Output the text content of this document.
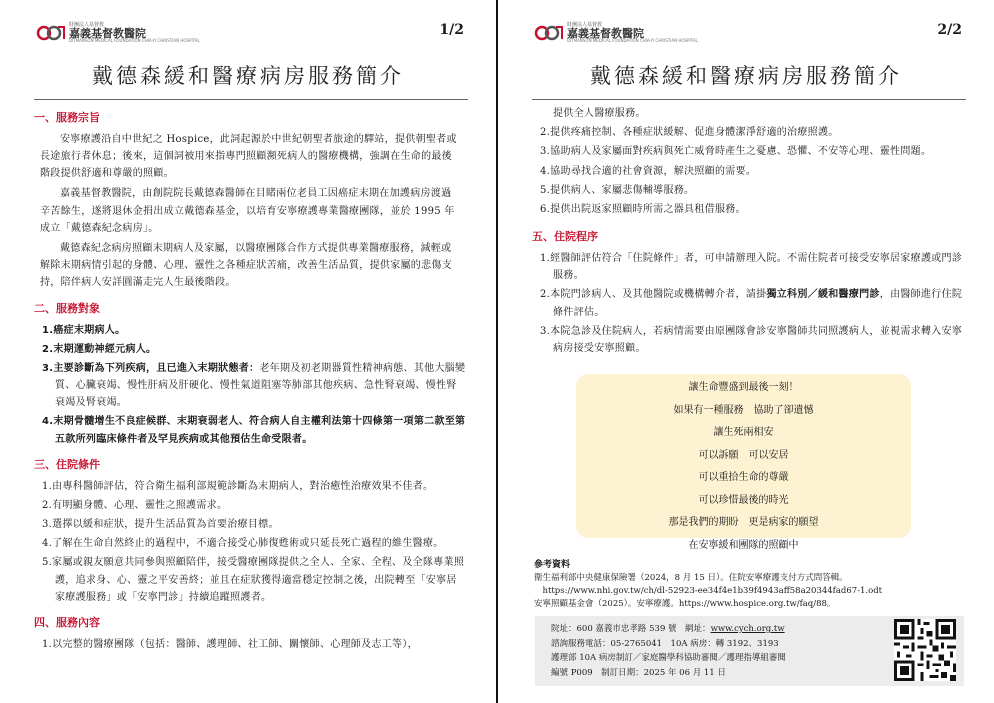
財團法人基督教
嘉義基督教醫院
DITMANSON MEDICAL FOUNDATION CHIA-YI CHRISTIAN HOSPITAL
1/2
戴德森緩和醫療病房服務簡介
一、服務宗旨
安寧療護沿自中世紀之 Hospice，此詞起源於中世紀朝聖者旅途的驛站，提供朝聖者或長途旅行者休息；後來，這個詞被用來指專門照顧瀕死病人的醫療機構，強調在生命的最後階段提供舒適和尊嚴的照顧。
嘉義基督教醫院，由創院院長戴德森醫師在目睹兩位老員工因癌症末期在加護病房渡過辛苦餘生，遂將退休金捐出成立戴德森基金，以培育安寧療護專業醫療團隊，並於 1995 年成立「戴德森紀念病房」。
戴德森紀念病房照顧末期病人及家屬，以醫療團隊合作方式提供專業醫療服務，減輕或解除末期病情引起的身體、心理、靈性之各種症狀苦痛，改善生活品質，提供家屬的悲傷支持，陪伴病人安詳圓滿走完人生最後階段。
二、服務對象
1.癌症末期病人。
2.末期運動神經元病人。
3.主要診斷為下列疾病，且已進入末期狀態者：老年期及初老期器質性精神病態、其他大腦變質、心臟衰竭、慢性肝病及肝硬化、慢性氣道阻塞等肺部其他疾病、急性腎衰竭、慢性腎衰竭及腎衰竭。
4.末期骨髓增生不良症候群、末期衰弱老人、符合病人自主權利法第十四條第一項第二款至第五款所列臨床條件者及罕見疾病或其他預估生命受限者。
三、住院條件
1.由專科醫師評估，符合衛生福利部規範診斷為末期病人，對治癒性治療效果不佳者。
2.有明顯身體、心理、靈性之照護需求。
3.選擇以緩和症狀，提升生活品質為首要治療目標。
4.了解在生命自然終止的過程中，不適合接受心肺復甦術或只延長死亡過程的維生醫療。
5.家屬或親友願意共同參與照顧陪伴，接受醫療團隊提供之全人、全家、全程、及全隊專業照護，追求身、心、靈之平安善終；並且在症狀獲得適當穩定控制之後，出院轉至「安寧居家療護服務」或「安寧門診」持續追蹤照護者。
四、服務內容
1.以完整的醫療團隊（包括：醫師、護理師、社工師、關懷師、心理師及志工等），
財團法人基督教
嘉義基督教醫院
DITMANSON MEDICAL FOUNDATION CHIA-YI CHRISTIAN HOSPITAL
2/2
戴德森緩和醫療病房服務簡介
提供全人醫療服務。
2.提供疼痛控制、各種症狀緩解、促進身體潔淨舒適的治療照護。
3.協助病人及家屬面對疾病與死亡威脅時產生之憂慮、恐懼、不安等心理、靈性問題。
4.協助尋找合適的社會資源，解決照顧的需要。
5.提供病人、家屬悲傷輔導服務。
6.提供出院返家照顧時所需之器具租借服務。
五、住院程序
1.經醫師評估符合「住院條件」者，可申請辦理入院。不需住院者可接受安寧居家療護或門診服務。
2.本院門診病人、及其他醫院或機構轉介者，請掛獨立科別／緩和醫療門診，由醫師進行住院條件評估。
3.本院急診及住院病人，若病情需要由原團隊會診安寧醫師共同照護病人，並視需求轉入安寧病房接受安寧照顧。
讓生命豐盛到最後一刻！
如果有一種服務　協助了卻遺憾
讓生死兩相安
可以訴願　可以安居
可以重拾生命的尊嚴
可以珍惜最後的時光
那是我們的期盼　更是病家的願望
在安寧緩和團隊的照顧中
參考資料
衛生福利部中央健康保險署（2024，8 月 15 日）。住院安寧療護支付方式問答輯。
https://www.nhi.gov.tw/ch/dl-52923-ee34f4e1b39f4943aff58a20344fad67-1.odt
安寧照顧基金會（2025）。安寧療護。https://www.hospice.org.tw/faq/88。
院址：600 嘉義市忠孝路 539 號　網址：www.cych.org.tw
諮詢服務電話：05-2765041　10A 病房：轉 3192、3193
護理部 10A 病房制訂／家庭醫學科協助審閱／護理指導組審閱
編號 P009　制訂日期：2025 年 06 月 11 日
